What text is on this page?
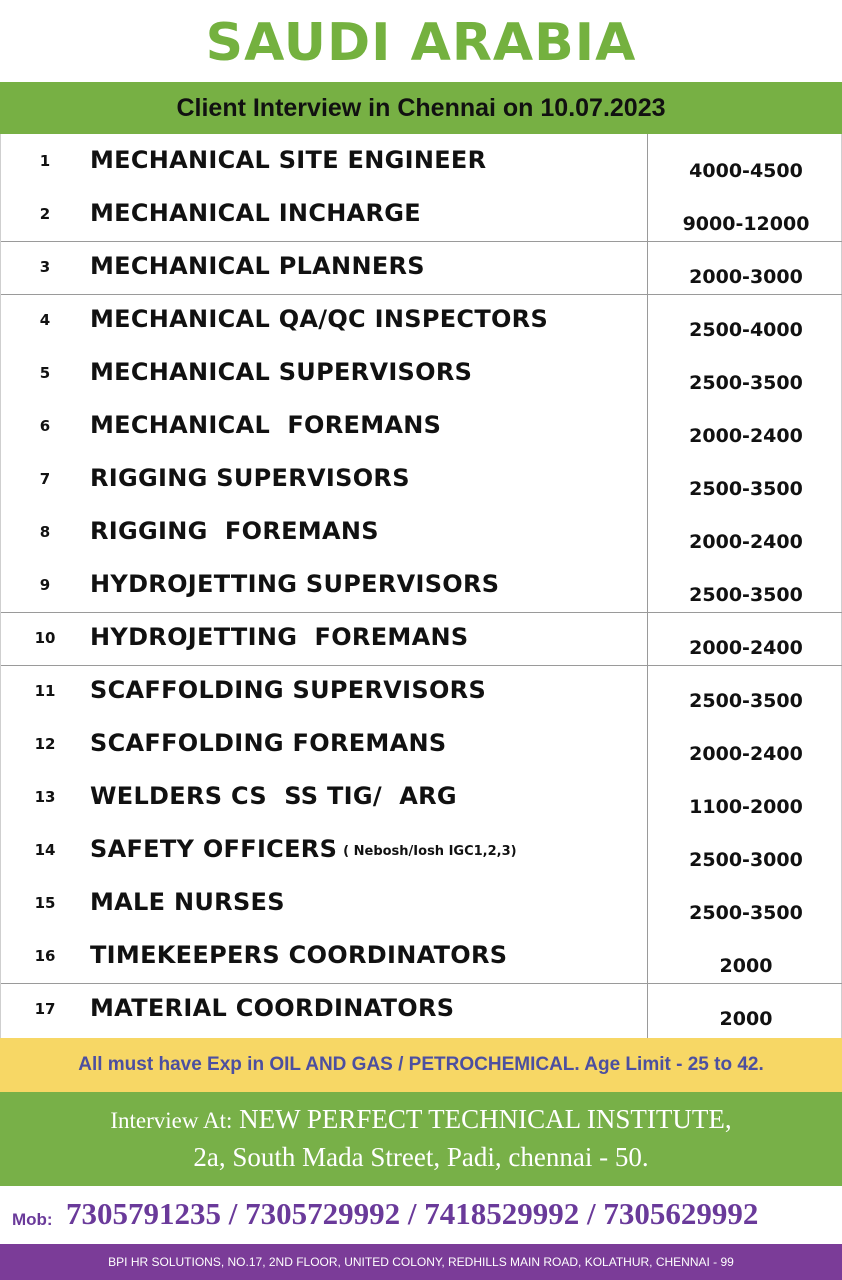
SAUDI ARABIA
Client Interview in Chennai on 10.07.2023
1	MECHANICAL SITE ENGINEER	4000-4500
2	MECHANICAL INCHARGE	9000-12000
3	MECHANICAL PLANNERS	2000-3000
4	MECHANICAL QA/QC INSPECTORS	2500-4000
5	MECHANICAL SUPERVISORS	2500-3500
6	MECHANICAL  FOREMANS	2000-2400
7	RIGGING SUPERVISORS	2500-3500
8	RIGGING  FOREMANS	2000-2400
9	HYDROJETTING SUPERVISORS	2500-3500
10 HYDROJETTING  FOREMANS	2000-2400
11 SCAFFOLDING SUPERVISORS	2500-3500
12 SCAFFOLDING FOREMANS	2000-2400
13 WELDERS CS  SS TIG/  ARG	1100-2000
14 SAFETY OFFICERS ( Nebosh/Iosh IGC1,2,3)	2500-3000
15 MALE NURSES	2500-3500
16 TIMEKEEPERS COORDINATORS	2000
17 MATERIAL COORDINATORS	2000
All must have Exp in OIL AND GAS / PETROCHEMICAL. Age Limit - 25 to 42.
Interview At: NEW PERFECT TECHNICAL INSTITUTE,
2a, South Mada Street, Padi, chennai - 50.
Mob: 7305791235 / 7305729992 / 7418529992 / 7305629992
BPI HR SOLUTIONS, NO.17, 2ND FLOOR, UNITED COLONY, REDHILLS MAIN ROAD, KOLATHUR, CHENNAI - 99
